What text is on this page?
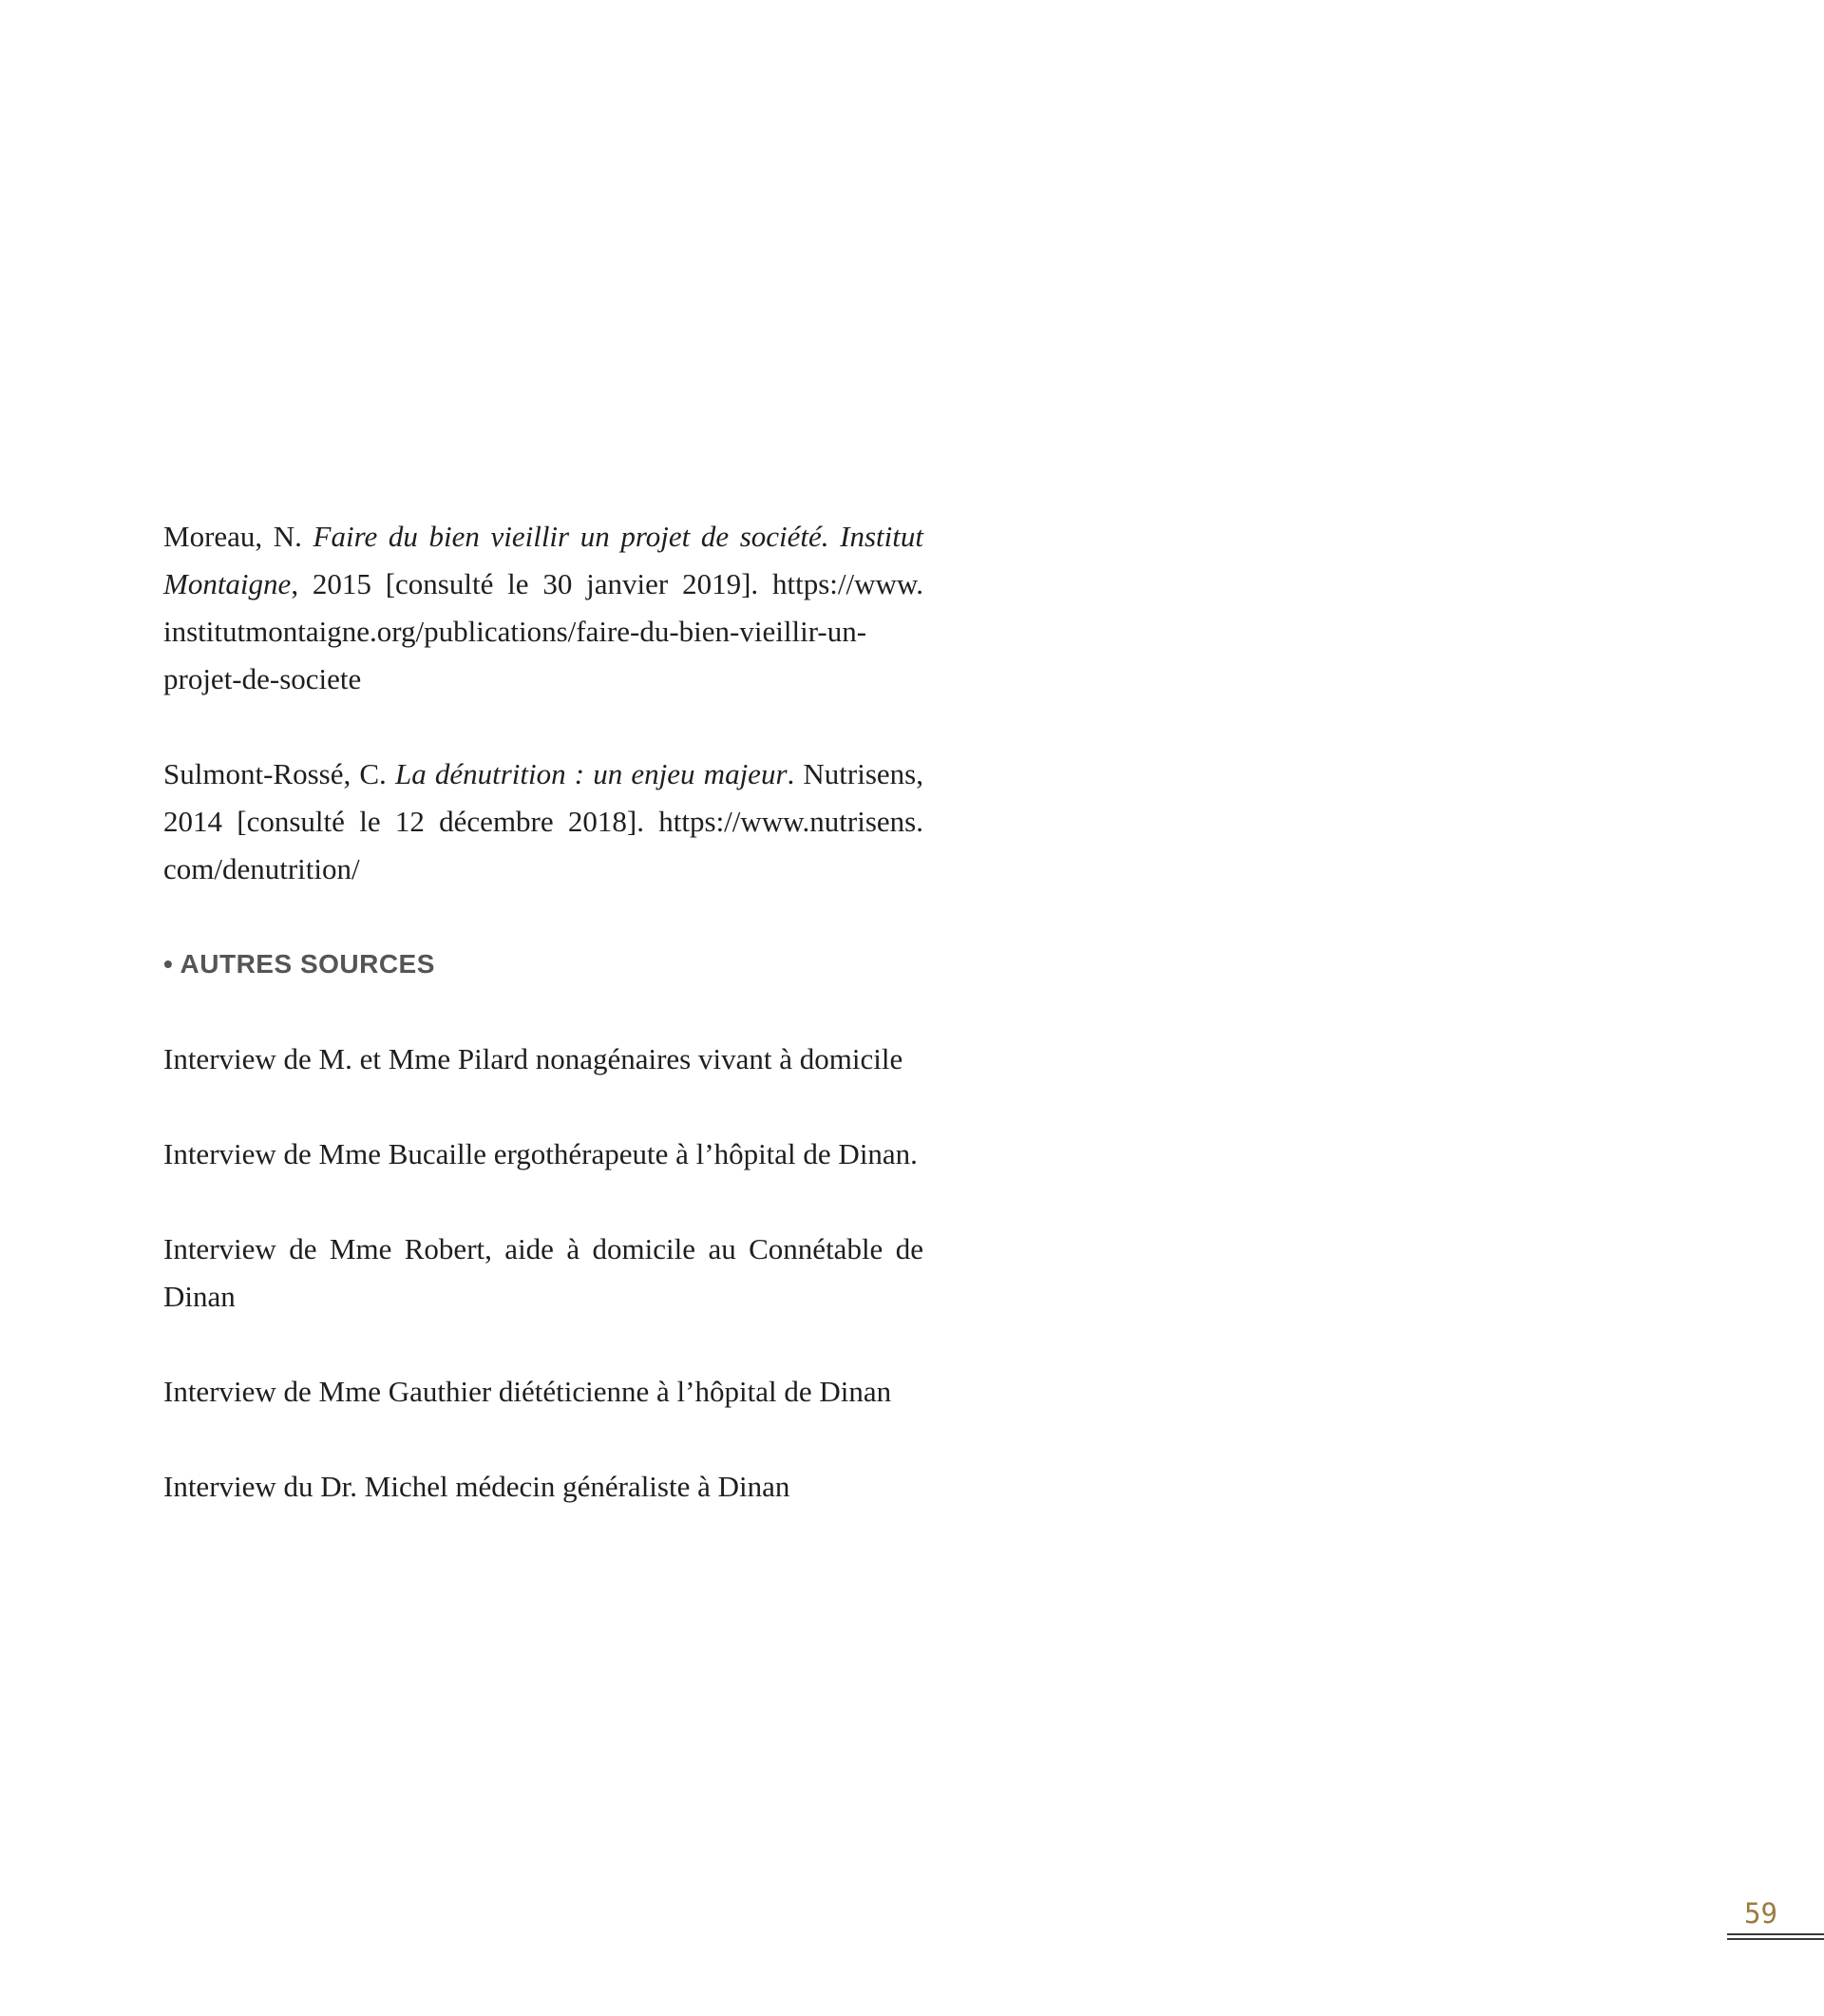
Moreau, N. Faire du bien vieillir un projet de société. Institut Montaigne, 2015 [consulté le 30 janvier 2019]. https://www. institutmontaigne.org/publications/faire-du-bien-vieillir-un-projet-de-societe

Sulmont-Rossé, C. La dénutrition : un enjeu majeur. Nutrisens, 2014 [consulté le 12 décembre 2018]. https://www.nutrisens. com/denutrition/

• AUTRES SOURCES

Interview de M. et Mme Pilard nonagénaires vivant à domicile

Interview de Mme Bucaille ergothérapeute à l’hôpital de Dinan.

Interview de Mme Robert, aide à domicile au Connétable de Dinan

Interview de Mme Gauthier diététicienne à l’hôpital de Dinan

Interview du Dr. Michel médecin généraliste à Dinan

59
